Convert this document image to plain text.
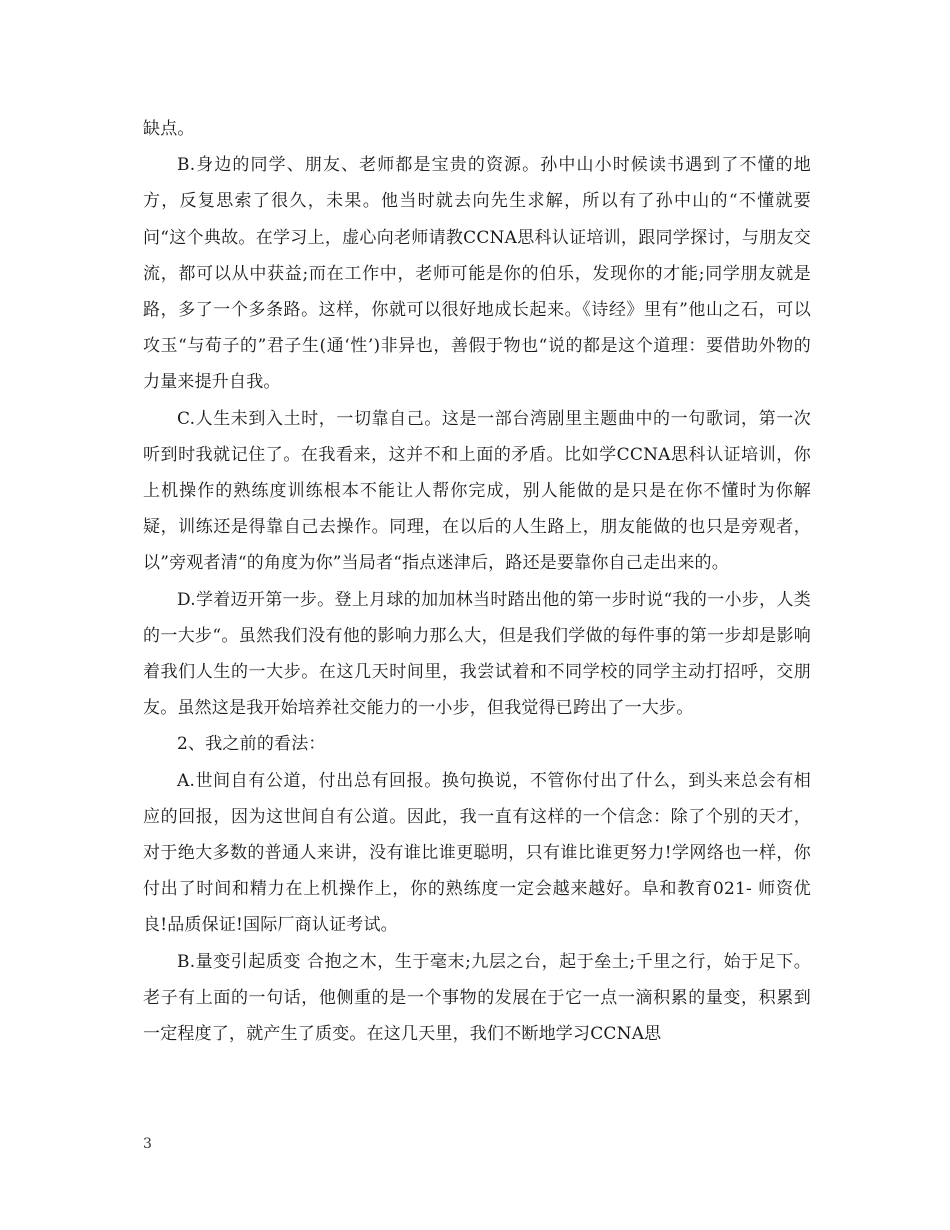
缺点。

B.身边的同学、朋友、老师都是宝贵的资源。孙中山小时候读书遇到了不懂的地方，反复思索了很久，未果。他当时就去向先生求解，所以有了孙中山的“不懂就要问“这个典故。在学习上，虚心向老师请教CCNA思科认证培训，跟同学探讨，与朋友交流，都可以从中获益;而在工作中，老师可能是你的伯乐，发现你的才能;同学朋友就是路，多了一个多条路。这样，你就可以很好地成长起来。《诗经》里有”他山之石，可以攻玉“与荀子的”君子生(通‘性’)非异也，善假于物也“说的都是这个道理：要借助外物的力量来提升自我。

C.人生未到入土时，一切靠自己。这是一部台湾剧里主题曲中的一句歌词，第一次听到时我就记住了。在我看来，这并不和上面的矛盾。比如学CCNA思科认证培训，你上机操作的熟练度训练根本不能让人帮你完成，别人能做的是只是在你不懂时为你解疑，训练还是得靠自己去操作。同理，在以后的人生路上，朋友能做的也只是旁观者，以”旁观者清“的角度为你”当局者“指点迷津后，路还是要靠你自己走出来的。

D.学着迈开第一步。登上月球的加加林当时踏出他的第一步时说“我的一小步，人类的一大步“。虽然我们没有他的影响力那么大，但是我们学做的每件事的第一步却是影响着我们人生的一大步。在这几天时间里，我尝试着和不同学校的同学主动打招呼，交朋友。虽然这是我开始培养社交能力的一小步，但我觉得已跨出了一大步。

2、我之前的看法：

A.世间自有公道，付出总有回报。换句换说，不管你付出了什么，到头来总会有相应的回报，因为这世间自有公道。因此，我一直有这样的一个信念：除了个别的天才，对于绝大多数的普通人来讲，没有谁比谁更聪明，只有谁比谁更努力!学网络也一样，你付出了时间和精力在上机操作上，你的熟练度一定会越来越好。阜和教育021- 师资优良!品质保证!国际厂商认证考试。

B.量变引起质变 合抱之木，生于毫末;九层之台，起于垒土;千里之行，始于足下。老子有上面的一句话，他侧重的是一个事物的发展在于它一点一滴积累的量变，积累到一定程度了，就产生了质变。在这几天里，我们不断地学习CCNA思

3
